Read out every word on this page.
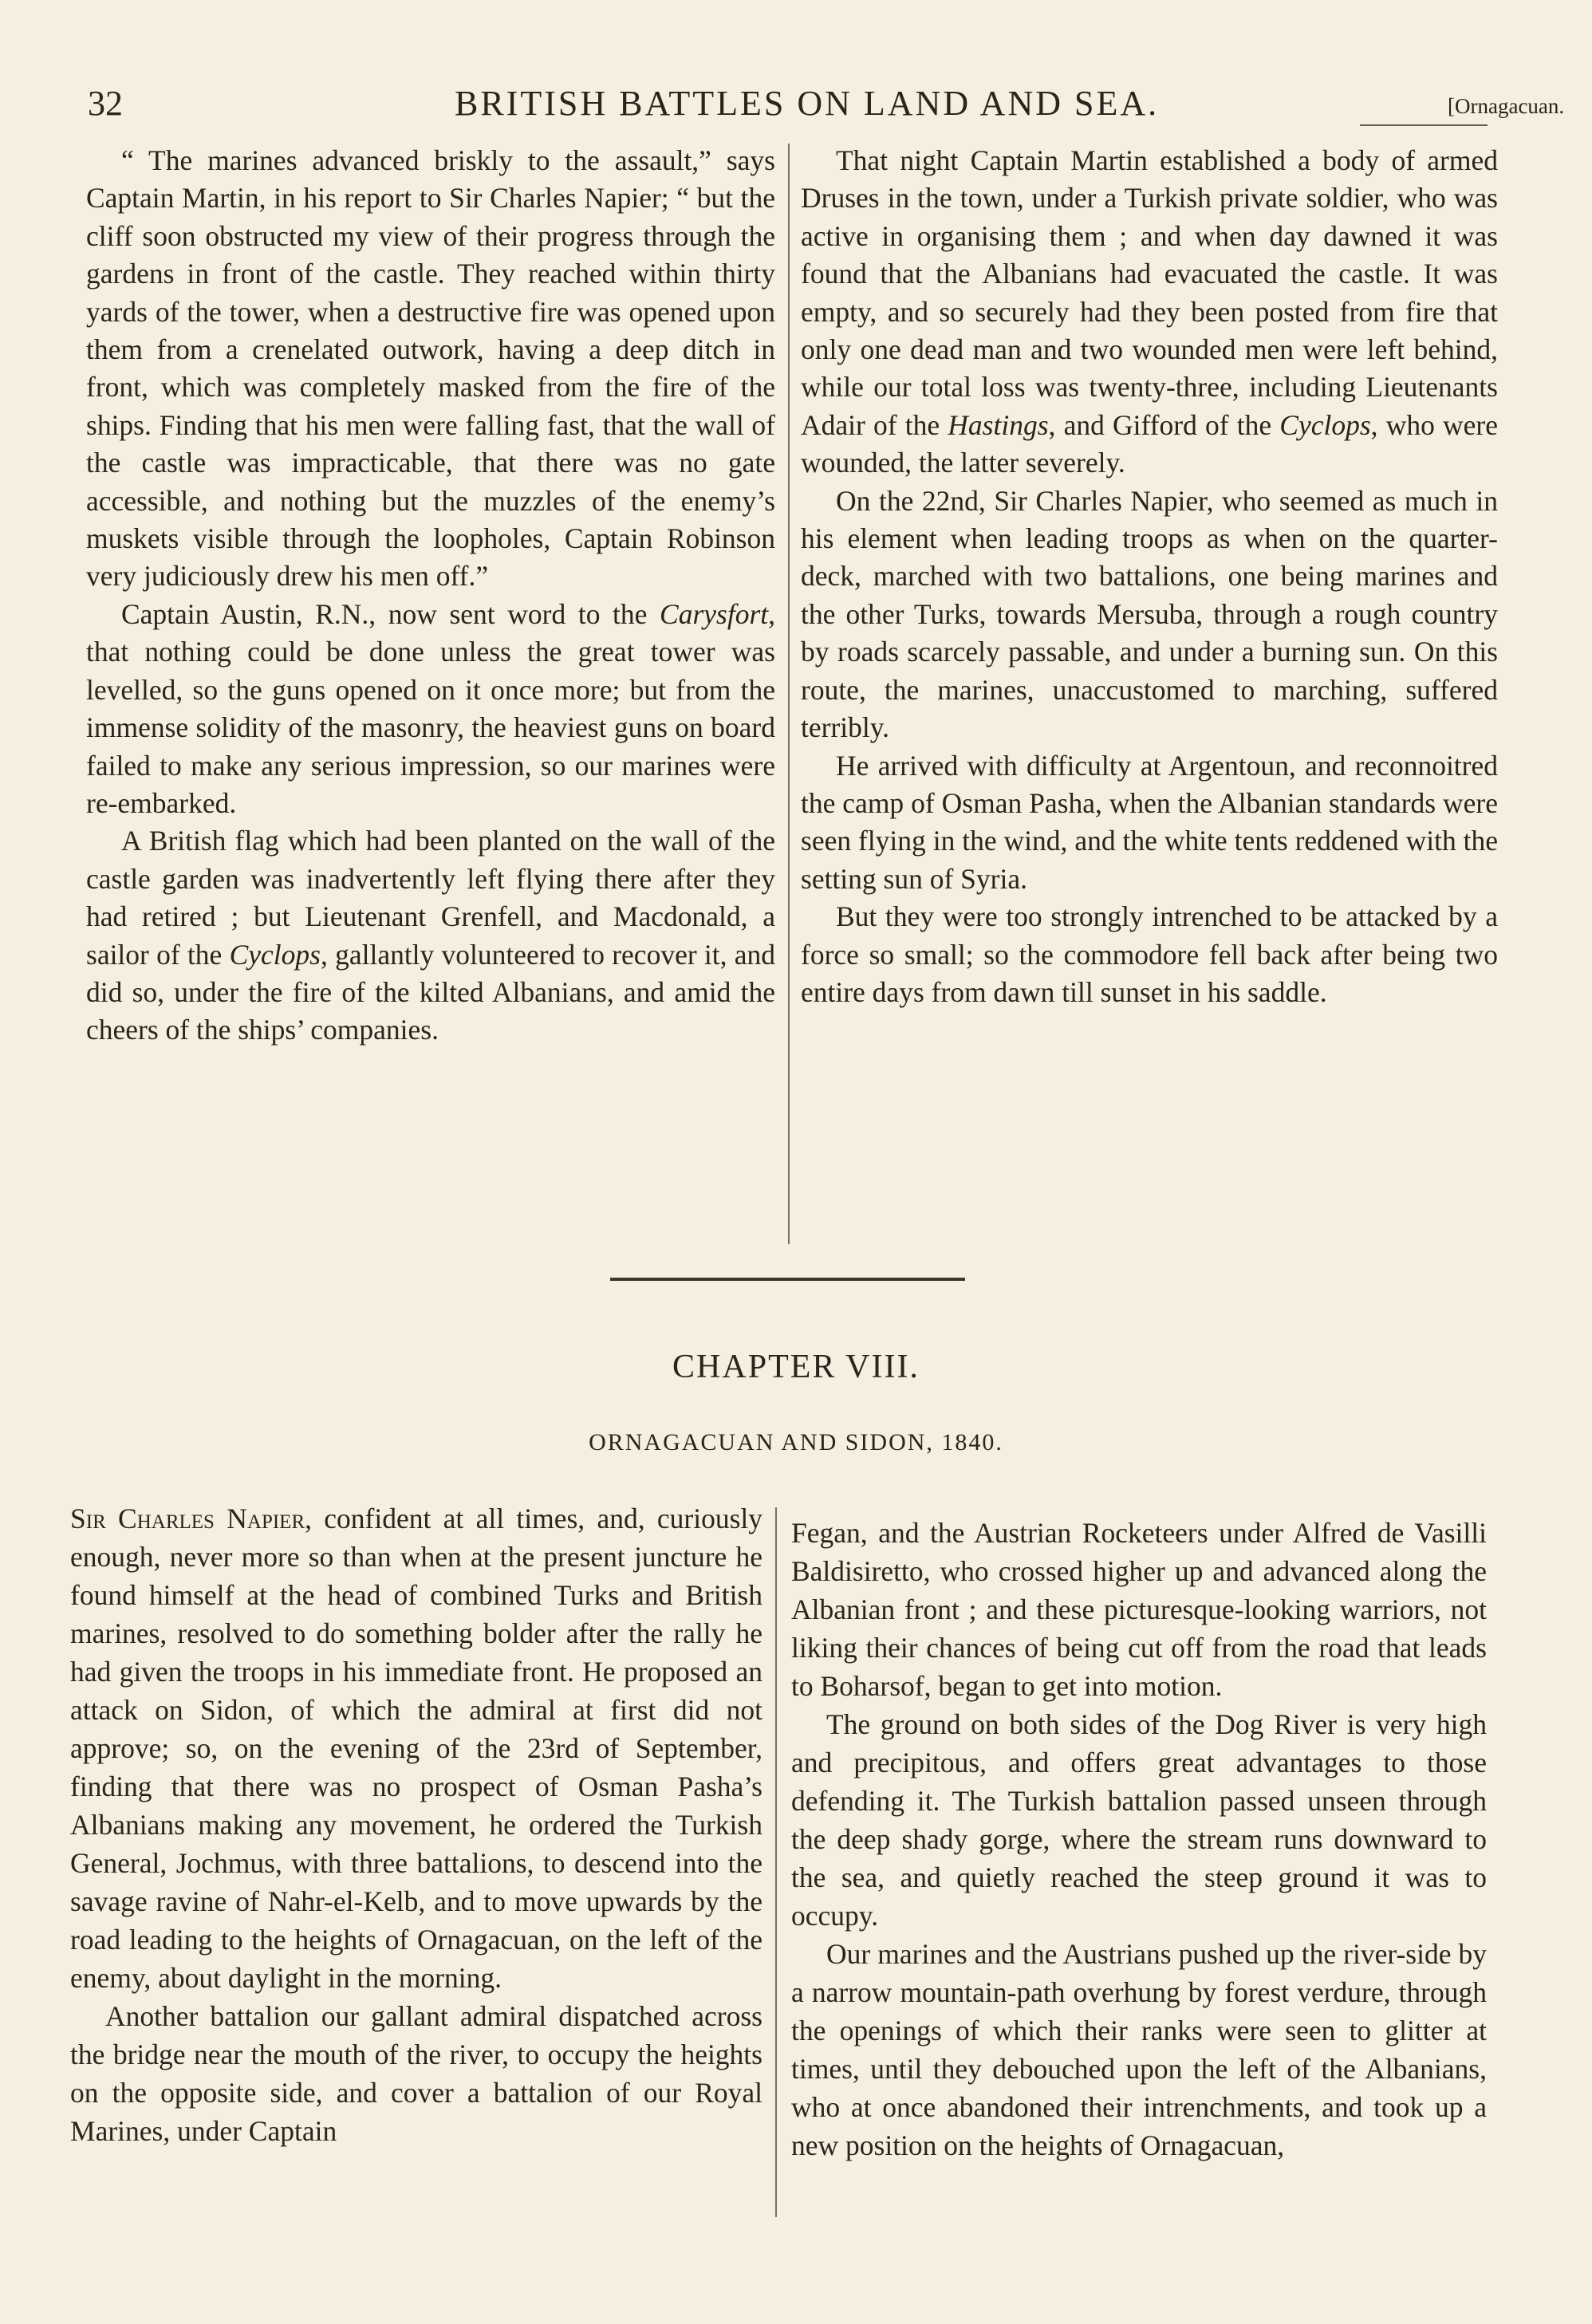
32	BRITISH BATTLES ON LAND AND SEA.	[Ornagacuan.

“ The marines advanced briskly to the assault,” says Captain Martin, in his report to Sir Charles Napier; “ but the cliff soon obstructed my view of their progress through the gardens in front of the castle. They reached within thirty yards of the tower, when a destructive fire was opened upon them from a crenelated outwork, having a deep ditch in front, which was completely masked from the fire of the ships. Finding that his men were falling fast, that the wall of the castle was impracticable, that there was no gate accessible, and nothing but the muzzles of the enemy’s muskets visible through the loopholes, Captain Robinson very judiciously drew his men off.”

Captain Austin, R.N., now sent word to the Carysfort, that nothing could be done unless the great tower was levelled, so the guns opened on it once more; but from the immense solidity of the masonry, the heaviest guns on board failed to make any serious impression, so our marines were re-embarked.

A British flag which had been planted on the wall of the castle garden was inadvertently left flying there after they had retired ; but Lieutenant Grenfell, and Macdonald, a sailor of the Cyclops, gallantly volunteered to recover it, and did so, under the fire of the kilted Albanians, and amid the cheers of the ships’ companies.

That night Captain Martin established a body of armed Druses in the town, under a Turkish private soldier, who was active in organising them ; and when day dawned it was found that the Albanians had evacuated the castle. It was empty, and so securely had they been posted from fire that only one dead man and two wounded men were left behind, while our total loss was twenty-three, including Lieutenants Adair of the Hastings, and Gifford of the Cyclops, who were wounded, the latter severely.

On the 22nd, Sir Charles Napier, who seemed as much in his element when leading troops as when on the quarter-deck, marched with two battalions, one being marines and the other Turks, towards Mersuba, through a rough country by roads scarcely passable, and under a burning sun. On this route, the marines, unaccustomed to marching, suffered terribly.

He arrived with difficulty at Argentoun, and reconnoitred the camp of Osman Pasha, when the Albanian standards were seen flying in the wind, and the white tents reddened with the setting sun of Syria.

But they were too strongly intrenched to be attacked by a force so small; so the commodore fell back after being two entire days from dawn till sunset in his saddle.

CHAPTER VIII.
ORNAGACUAN AND SIDON, 1840.

Sir Charles Napier, confident at all times, and, curiously enough, never more so than when at the present juncture he found himself at the head of combined Turks and British marines, resolved to do something bolder after the rally he had given the troops in his immediate front. He proposed an attack on Sidon, of which the admiral at first did not approve; so, on the evening of the 23rd of September, finding that there was no prospect of Osman Pasha’s Albanians making any movement, he ordered the Turkish General, Jochmus, with three battalions, to descend into the savage ravine of Nahr-el-Kelb, and to move upwards by the road leading to the heights of Ornagacuan, on the left of the enemy, about daylight in the morning.

Another battalion our gallant admiral dispatched across the bridge near the mouth of the river, to occupy the heights on the opposite side, and cover a battalion of our Royal Marines, under Captain

Fegan, and the Austrian Rocketeers under Alfred de Vasilli Baldisiretto, who crossed higher up and advanced along the Albanian front ; and these picturesque-looking warriors, not liking their chances of being cut off from the road that leads to Boharsof, began to get into motion.

The ground on both sides of the Dog River is very high and precipitous, and offers great advantages to those defending it. The Turkish battalion passed unseen through the deep shady gorge, where the stream runs downward to the sea, and quietly reached the steep ground it was to occupy.

Our marines and the Austrians pushed up the river-side by a narrow mountain-path overhung by forest verdure, through the openings of which their ranks were seen to glitter at times, until they debouched upon the left of the Albanians, who at once abandoned their intrenchments, and took up a new position on the heights of Ornagacuan,
